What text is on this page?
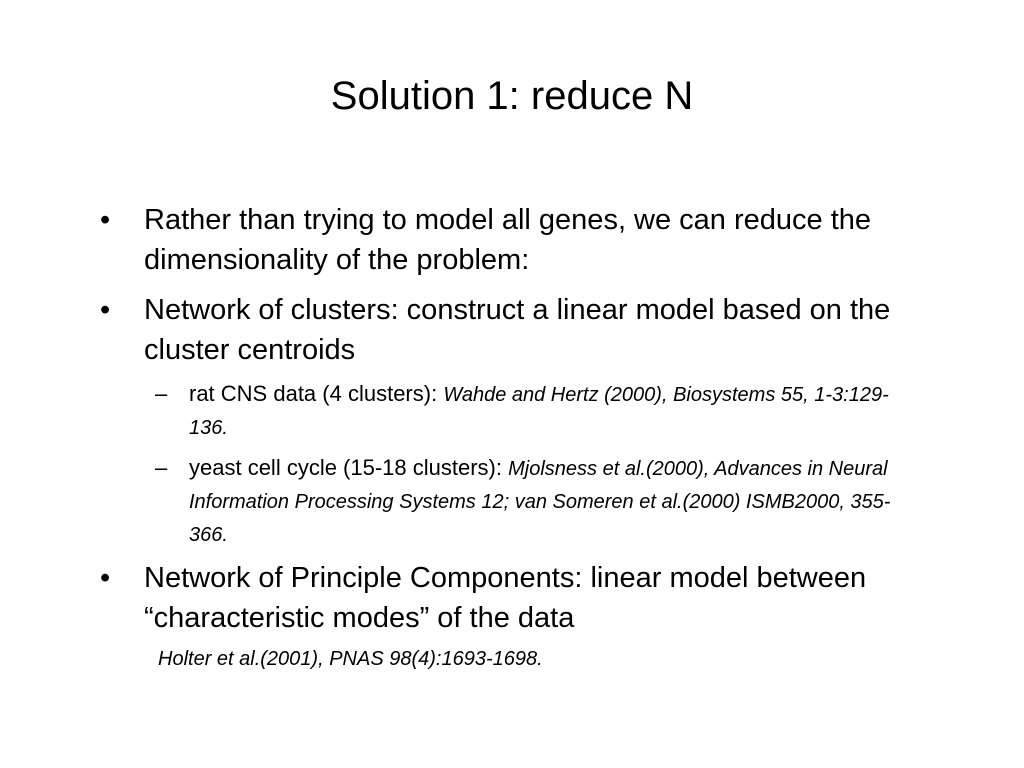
Solution 1: reduce N
• Rather than trying to model all genes, we can reduce the dimensionality of the problem:
• Network of clusters: construct a linear model based on the cluster centroids
– rat CNS data (4 clusters): Wahde and Hertz (2000), Biosystems 55, 1-3:129-136.
– yeast cell cycle (15-18 clusters): Mjolsness et al.(2000), Advances in Neural Information Processing Systems 12; van Someren et al.(2000) ISMB2000, 355-366.
• Network of Principle Components: linear model between “characteristic modes” of the data
Holter et al.(2001), PNAS 98(4):1693-1698.
